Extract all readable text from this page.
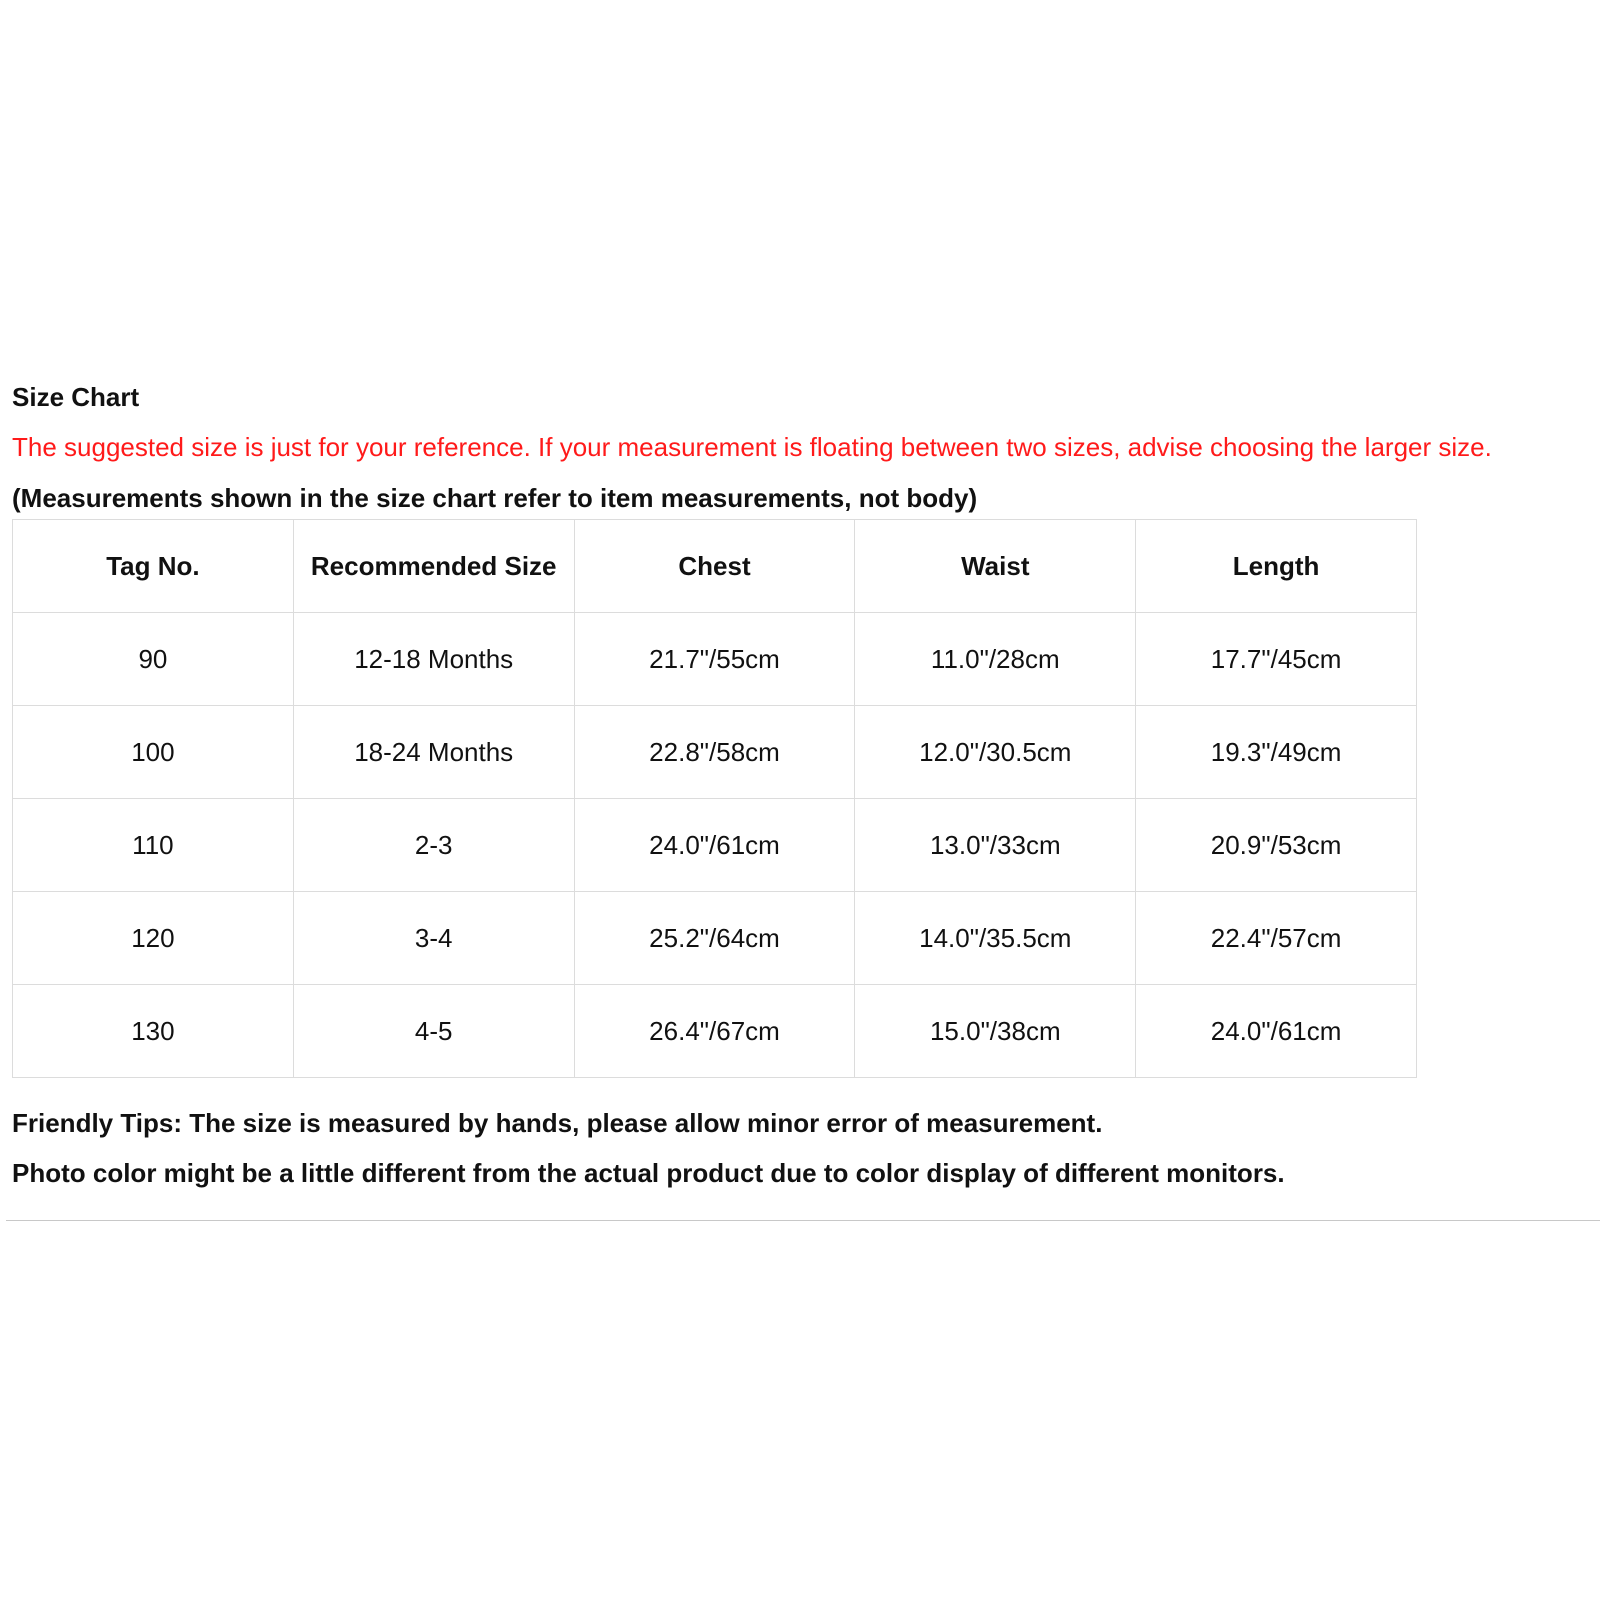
Size Chart

The suggested size is just for your reference. If your measurement is floating between two sizes, advise choosing the larger size.

(Measurements shown in the size chart refer to item measurements, not body)

Tag No.	Recommended Size	Chest	Waist	Length
90	12-18 Months	21.7"/55cm	11.0"/28cm	17.7"/45cm
100	18-24 Months	22.8"/58cm	12.0"/30.5cm	19.3"/49cm
110	2-3	24.0"/61cm	13.0"/33cm	20.9"/53cm
120	3-4	25.2"/64cm	14.0"/35.5cm	22.4"/57cm
130	4-5	26.4"/67cm	15.0"/38cm	24.0"/61cm

Friendly Tips: The size is measured by hands, please allow minor error of measurement.

Photo color might be a little different from the actual product due to color display of different monitors.
